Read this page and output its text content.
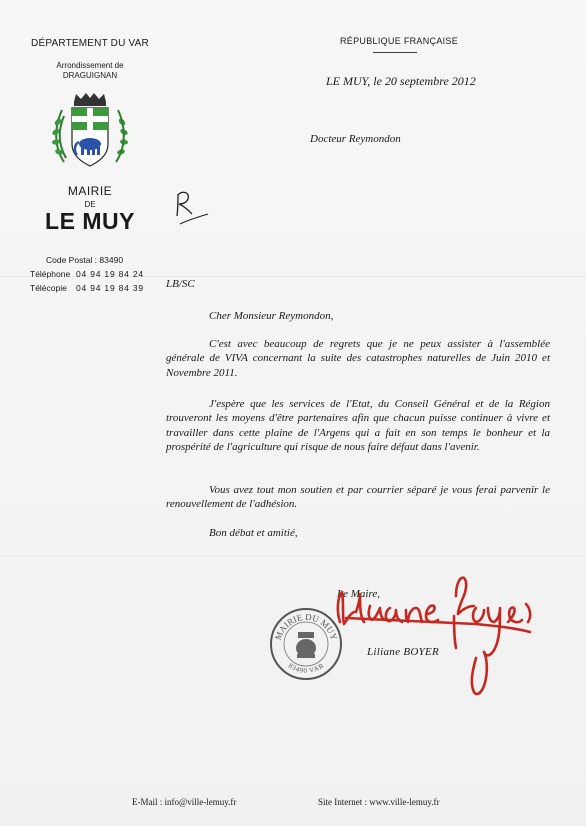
DÉPARTEMENT DU VAR
Arrondissement de
DRAGUIGNAN
MAIRIE
DE
LE MUY
Code Postal : 83490
Téléphone 04 94 19 84 24
Télécopie 04 94 19 84 39
RÉPUBLIQUE FRANÇAISE
LE MUY, le 20 septembre 2012
Docteur Reymondon
LB/SC
Cher Monsieur Reymondon,

C'est avec beaucoup de regrets que je ne peux assister à l'assemblée générale de VIVA concernant la suite des catastrophes naturelles de Juin 2010 et Novembre 2011.

J'espère que les services de l'Etat, du Conseil Général et de la Région trouveront les moyens d'être partenaires afin que chacun puisse continuer à vivre et travailler dans cette plaine de l'Argens qui a fait en son temps le bonheur et la prospérité de l'agriculture qui risque de nous faire défaut dans l'avenir.

Vous avez tout mon soutien et par courrier séparé je vous ferai parvenir le renouvellement de l'adhésion.

Bon débat et amitié,
Le Maire,
MAIRIE DU MUY
83490 VAR
Liliane Boyer
Liliane BOYER
E-Mail : info@ville-lemuy.fr	Site Internet : www.ville-lemuy.fr
